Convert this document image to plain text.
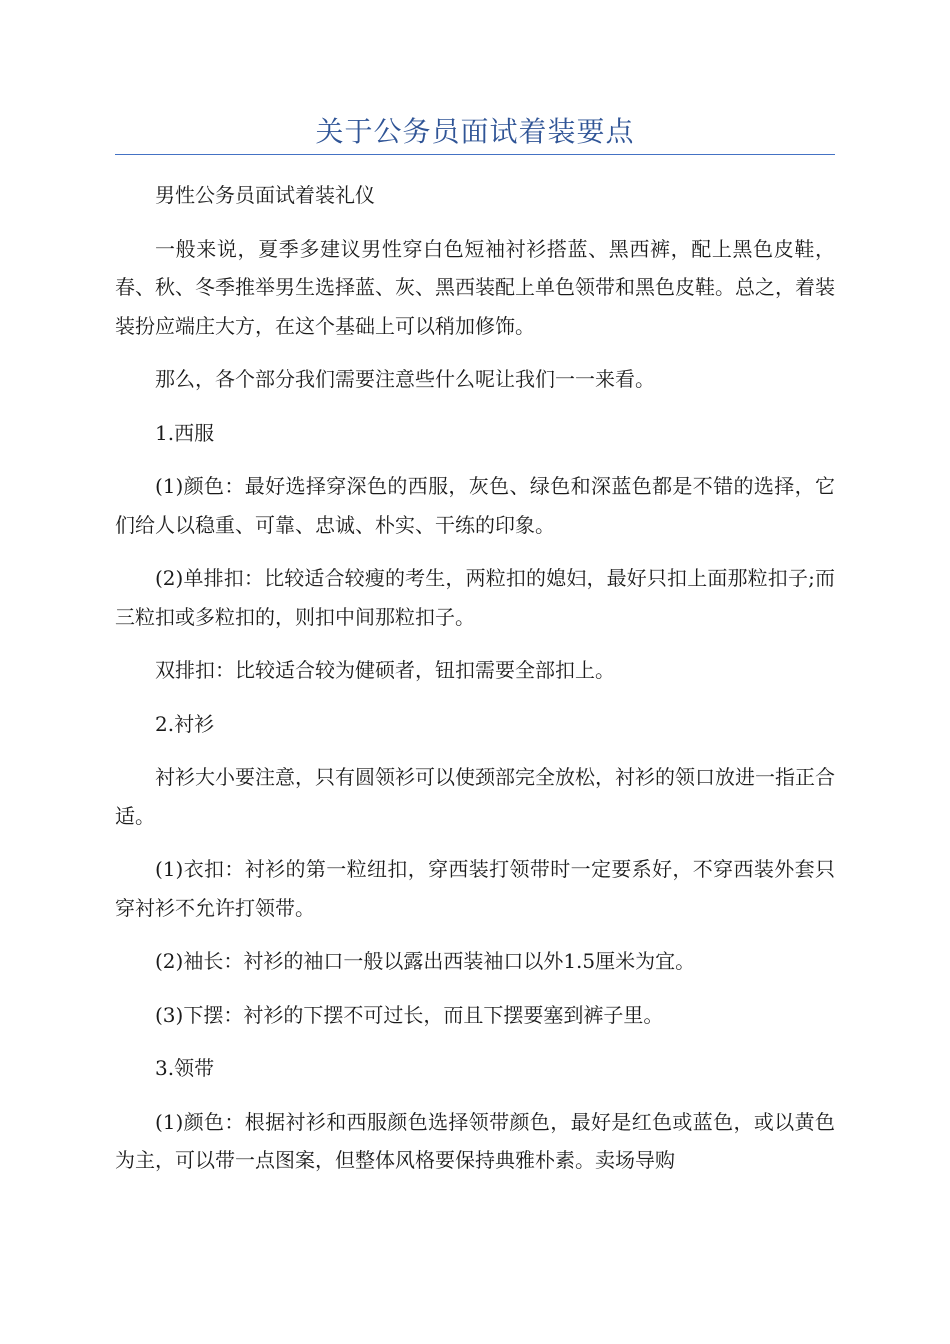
关于公务员面试着装要点

男性公务员面试着装礼仪

一般来说，夏季多建议男性穿白色短袖衬衫搭蓝、黑西裤，配上黑色皮鞋，春、秋、冬季推举男生选择蓝、灰、黑西装配上单色领带和黑色皮鞋。总之，着装装扮应端庄大方，在这个基础上可以稍加修饰。

那么，各个部分我们需要注意些什么呢让我们一一来看。

1.西服

(1)颜色：最好选择穿深色的西服，灰色、绿色和深蓝色都是不错的选择，它们给人以稳重、可靠、忠诚、朴实、干练的印象。

(2)单排扣：比较适合较瘦的考生，两粒扣的媳妇，最好只扣上面那粒扣子;而三粒扣或多粒扣的，则扣中间那粒扣子。

双排扣：比较适合较为健硕者，钮扣需要全部扣上。

2.衬衫

衬衫大小要注意，只有圆领衫可以使颈部完全放松，衬衫的领口放进一指正合适。

(1)衣扣：衬衫的第一粒纽扣，穿西装打领带时一定要系好，不穿西装外套只穿衬衫不允许打领带。

(2)袖长：衬衫的袖口一般以露出西装袖口以外1.5厘米为宜。

(3)下摆：衬衫的下摆不可过长，而且下摆要塞到裤子里。

3.领带

(1)颜色：根据衬衫和西服颜色选择领带颜色，最好是红色或蓝色，或以黄色为主，可以带一点图案，但整体风格要保持典雅朴素。卖场导购
